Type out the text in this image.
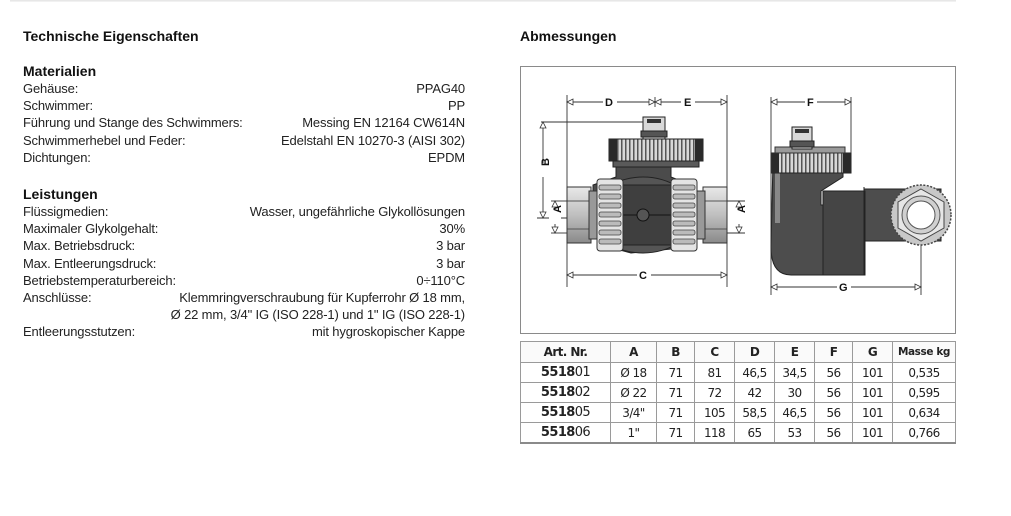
Technische Eigenschaften	Abmessungen
Materialien
Gehäuse:	PPAG40
Schwimmer:	PP
Führung und Stange des Schwimmers:	Messing EN 12164 CW614N
Schwimmerhebel und Feder:	Edelstahl EN 10270-3 (AISI 302)
Dichtungen:	EPDM
Leistungen
Flüssigmedien:	Wasser, ungefährliche Glykollösungen
Maximaler Glykolgehalt:	30%
Max. Betriebsdruck:	3 bar
Max. Entleerungsdruck:	3 bar
Betriebstemperaturbereich:	0÷110°C
Anschlüsse:	Klemmringverschraubung für Kupferrohr Ø 18 mm,
Ø 22 mm, 3/4" IG (ISO 228-1) und 1" IG (ISO 228-1)
Entleerungsstutzen:	mit hygroskopischer Kappe
D	E
C
B
A	A
F
G
Art. Nr.	A	B	C	D	E	F	G	Masse kg
551801	Ø 18	71	81	46,5	34,5	56	101	0,535
551802	Ø 22	71	72	42	30	56	101	0,595
551805	3/4"	71	105	58,5	46,5	56	101	0,634
551806	1"	71	118	65	53	56	101	0,766
